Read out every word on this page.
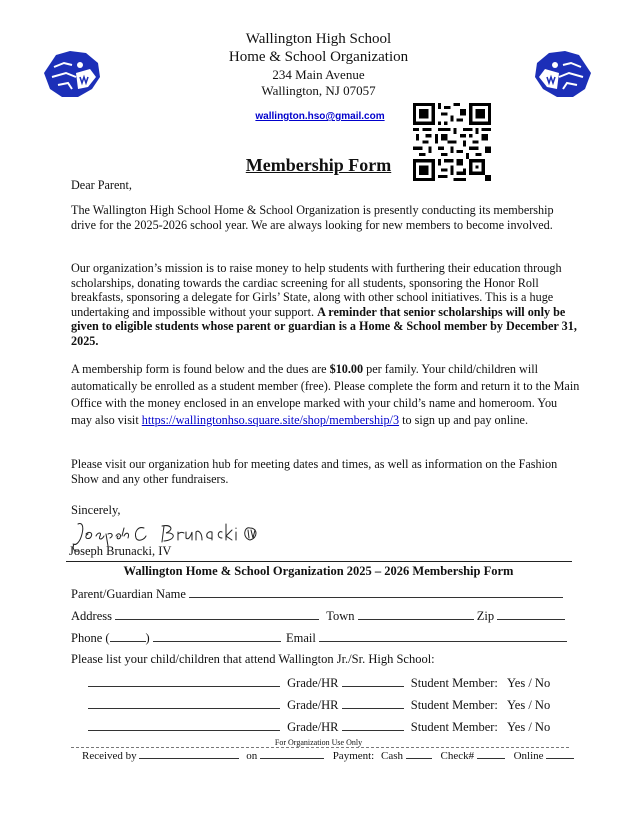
Wallington High School
Home & School Organization
234 Main Avenue
Wallington, NJ 07057
wallington.hso@gmail.com
Membership Form
Dear Parent,
The Wallington High School Home & School Organization is presently conducting its membership drive for the 2025-2026 school year. We are always looking for new members to become involved.
Our organization’s mission is to raise money to help students with furthering their education through scholarships, donating towards the cardiac screening for all students, sponsoring the Honor Roll breakfasts, sponsoring a delegate for Girls’ State, along with other school initiatives. This is a huge undertaking and impossible without your support. A reminder that senior scholarships will only be given to eligible students whose parent or guardian is a Home & School member by December 31, 2025.
A membership form is found below and the dues are $10.00 per family. Your child/children will automatically be enrolled as a student member (free). Please complete the form and return it to the Main Office with the money enclosed in an envelope marked with your child’s name and homeroom. You may also visit https://wallingtonhso.square.site/shop/membership/3 to sign up and pay online.
Please visit our organization hub for meeting dates and times, as well as information on the Fashion Show and any other fundraisers.
Sincerely,
Joseph Brunacki, IV
Wallington Home & School Organization 2025 – 2026 Membership Form
Parent/Guardian Name
Address	Town	Zip
Phone (	)	Email
Please list your child/children that attend Wallington Jr./Sr. High School:
Grade/HR	Student Member: Yes / No
Grade/HR	Student Member: Yes / No
Grade/HR	Student Member: Yes / No
For Organization Use Only
Received by	on	Payment: Cash	Check#	Online
